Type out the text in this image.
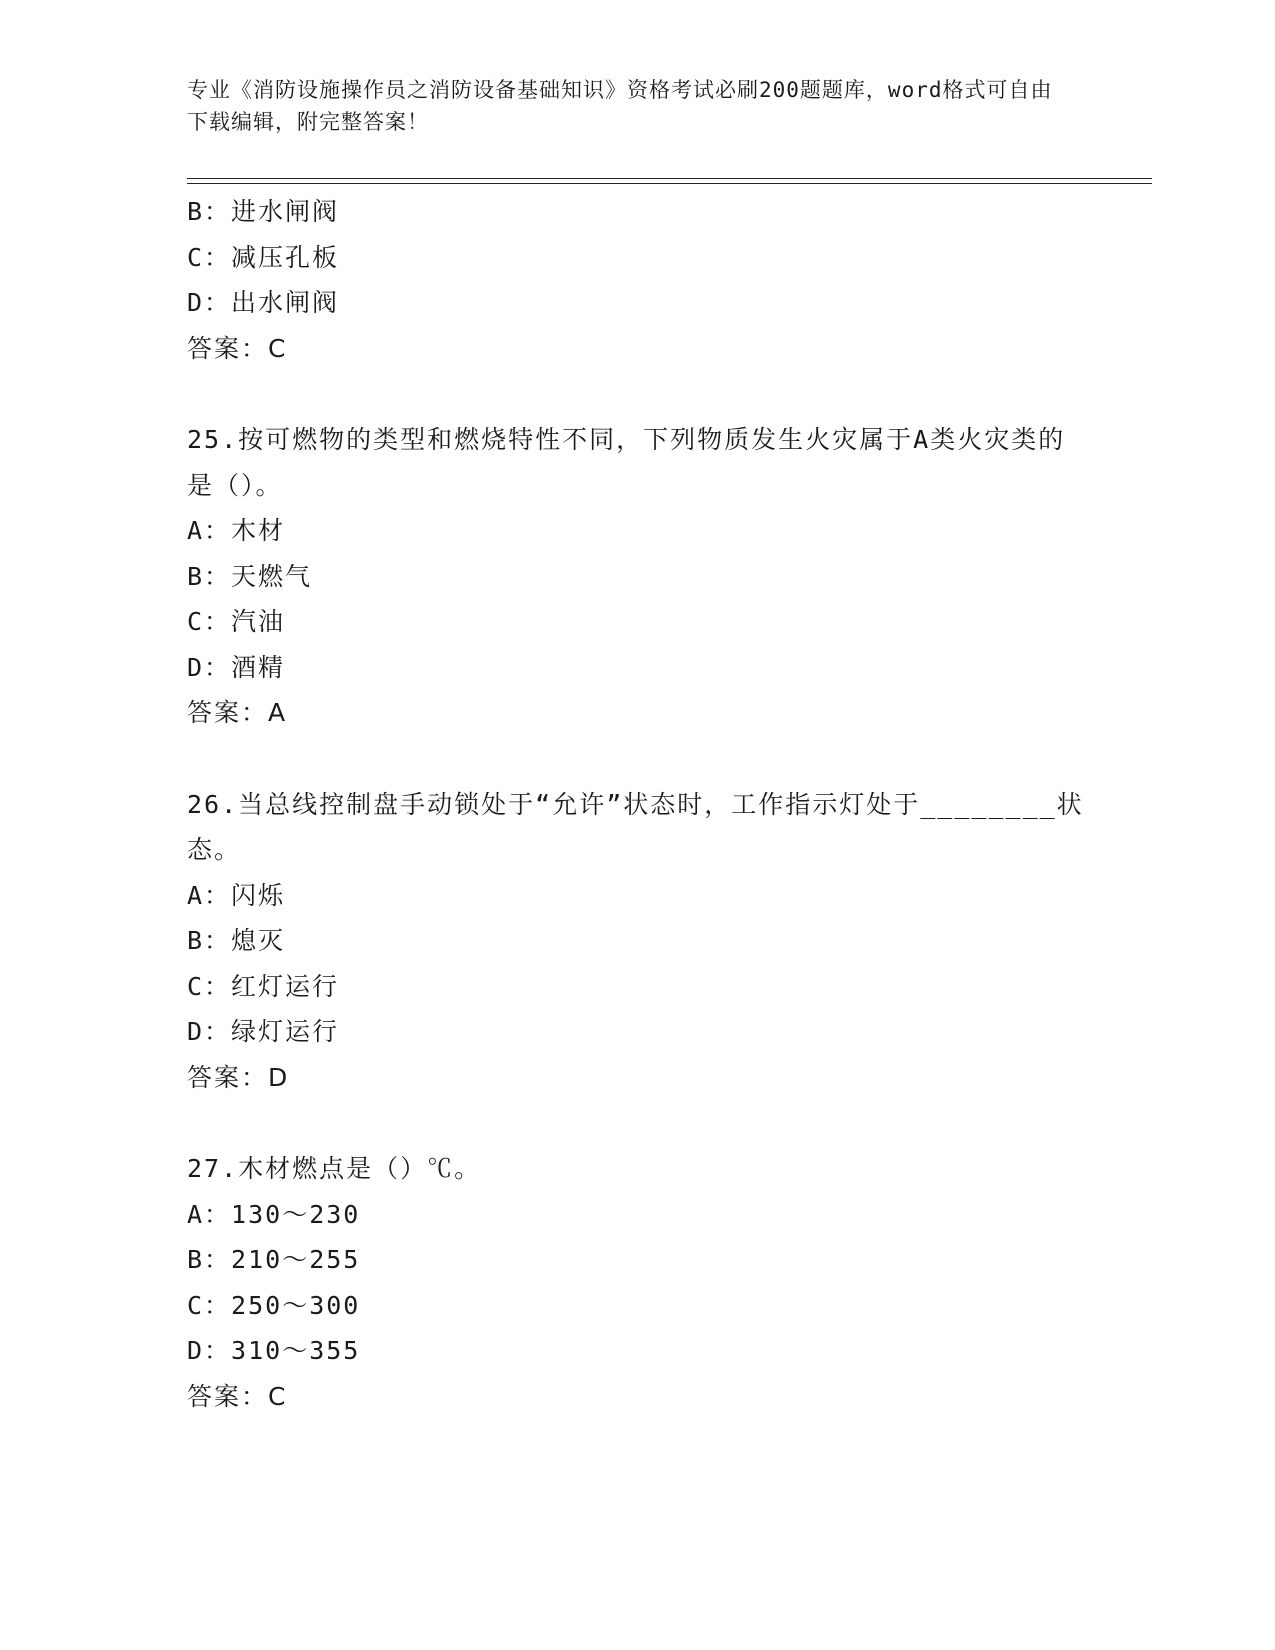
专业《消防设施操作员之消防设备基础知识》资格考试必刷200题题库，word格式可自由下载编辑，附完整答案！
B：进水闸阀
C：减压孔板
D：出水闸阀
答案：C
25.按可燃物的类型和燃烧特性不同，下列物质发生火灾属于A类火灾类的是（）。
A：木材
B：天燃气
C：汽油
D：酒精
答案：A
26.当总线控制盘手动锁处于“允许”状态时，工作指示灯处于________状态。
A：闪烁
B：熄灭
C：红灯运行
D：绿灯运行
答案：D
27.木材燃点是（）℃。
A：130～230
B：210～255
C：250～300
D：310～355
答案：C
